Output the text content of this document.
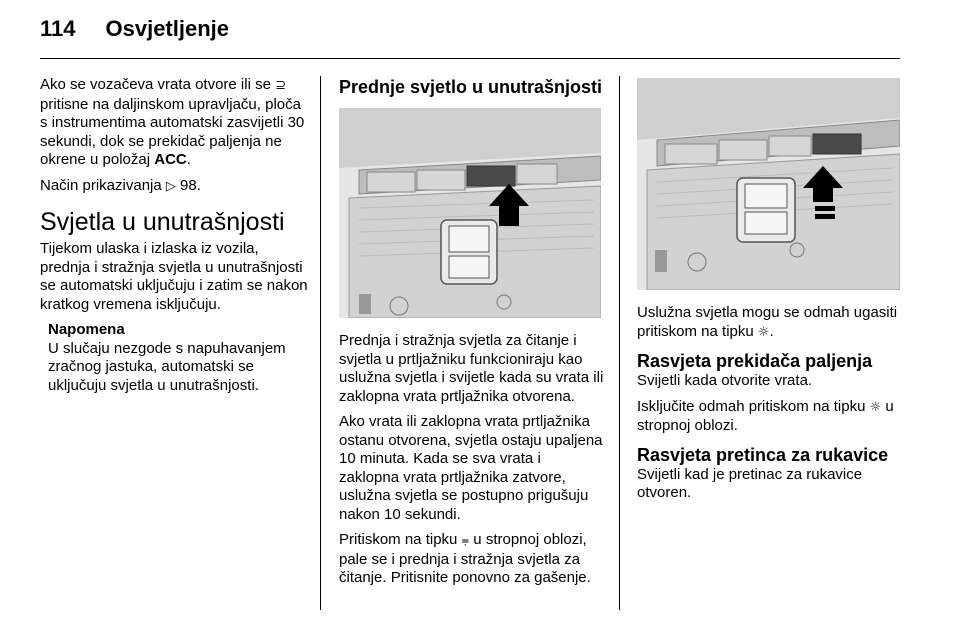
114 Osvjetljenje

Ako se vozačeva vrata otvore ili se ⊇ pritisne na daljinskom upravljaču, ploča s instrumentima automatski zasvijetli 30 sekundi, dok se prekidač paljenja ne okrene u položaj ACC.

Način prikazivanja ▷ 98.

Svjetla u unutrašnjosti

Tijekom ulaska i izlaska iz vozila, prednja i stražnja svjetla u unutrašnjosti se automatski uključuju i zatim se nakon kratkog vremena isključuju.

Napomena
U slučaju nezgode s napuhavanjem zračnog jastuka, automatski se uključuju svjetla u unutrašnjosti.
Prednje svjetlo u unutrašnjosti

Prednja i stražnja svjetla za čitanje i svjetla u prtljažniku funkcioniraju kao uslužna svjetla i svijetle kada su vrata ili zaklopna vrata prtljažnika otvorena.

Ako vrata ili zaklopna vrata prtljažnika ostanu otvorena, svjetla ostaju upaljena 10 minuta. Kada se sva vrata i zaklopna vrata prtljažnika zatvore, uslužna svjetla se postupno prigušuju nakon 10 sekundi.

Pritiskom na tipku ⩦ u stropnoj oblozi, pale se i prednja i stražnja svjetla za čitanje. Pritisnite ponovno za gašenje.

Uslužna svjetla mogu se odmah ugasiti pritiskom na tipku ☼.

Rasvjeta prekidača paljenja

Svijetli kada otvorite vrata.

Isključite odmah pritiskom na tipku ☼ u stropnoj oblozi.

Rasvjeta pretinca za rukavice

Svijetli kad je pretinac za rukavice otvoren.
